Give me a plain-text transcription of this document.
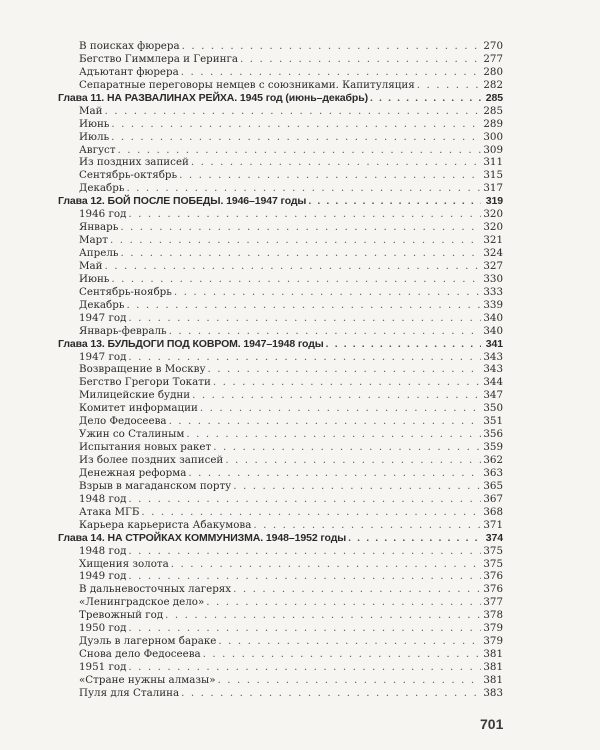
В поисках фюрера . . .	270
Бегство Гиммлера и Геринга . . .	277
Адъютант фюрера . . .	280
Сепаратные переговоры немцев с союзниками. Капитуляция . . .	282
Глава 11. НА РАЗВАЛИНАХ РЕЙХА. 1945 год (июнь–декабрь) . . .	285
Май . . .	285
Июнь . . .	289
Июль . . .	300
Август . . .	309
Из поздних записей . . .	311
Сентябрь-октябрь . . .	315
Декабрь . . .	317
Глава 12. БОЙ ПОСЛЕ ПОБЕДЫ. 1946–1947 годы . . .	319
1946 год . . .	320
Январь . . .	320
Март . . .	321
Апрель . . .	324
Май . . .	327
Июнь . . .	330
Сентябрь-ноябрь . . .	333
Декабрь . . .	339
1947 год . . .	340
Январь-февраль . . .	340
Глава 13. БУЛЬДОГИ ПОД КОВРОМ. 1947–1948 годы . . .	341
1947 год . . .	343
Возвращение в Москву . . .	343
Бегство Грегори Токати . . .	344
Милицейские будни . . .	347
Комитет информации . . .	350
Дело Федосеева . . .	351
Ужин со Сталиным . . .	356
Испытания новых ракет . . .	359
Из более поздних записей . . .	362
Денежная реформа . . .	363
Взрыв в магаданском порту . . .	365
1948 год . . .	367
Атака МГБ . . .	368
Карьера карьериста Абакумова . . .	371
Глава 14. НА СТРОЙКАХ КОММУНИЗМА. 1948–1952 годы . . .	374
1948 год . . .	375
Хищения золота . . .	375
1949 год . . .	376
В дальневосточных лагерях . . .	376
«Ленинградское дело» . . .	377
Тревожный год . . .	378
1950 год . . .	379
Дуэль в лагерном бараке . . .	379
Снова дело Федосеева . . .	381
1951 год . . .	381
«Стране нужны алмазы» . . .	381
Пуля для Сталина . . .	383
701
